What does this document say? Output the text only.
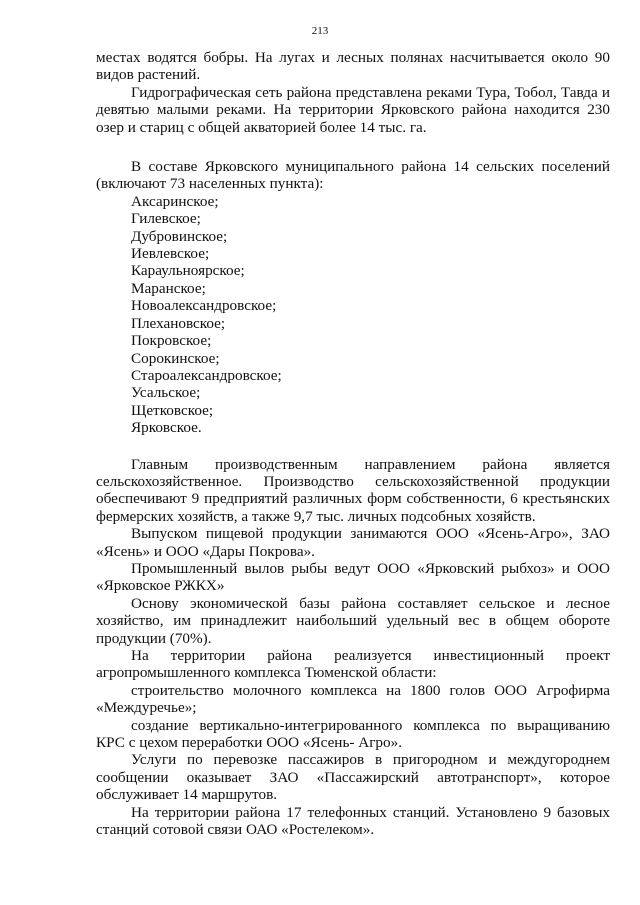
213

местах водятся бобры. На лугах и лесных полянах насчитывается около 90 видов растений.

Гидрографическая сеть района представлена реками Тура, Тобол, Тавда и девятью малыми реками. На территории Ярковского района находится 230 озер и стариц с общей акваторией более 14 тыс. га.

В составе Ярковского муниципального района 14 сельских поселений (включают 73 населенных пункта):

Аксаринское;
Гилевское;
Дубровинское;
Иевлевское;
Караульноярское;
Маранское;
Новоалександровское;
Плехановское;
Покровское;
Сорокинское;
Староалександровское;
Усальское;
Щетковское;
Ярковское.

Главным производственным направлением района является сельскохозяйственное. Производство сельскохозяйственной продукции обеспечивают 9 предприятий различных форм собственности, 6 крестьянских фермерских хозяйств, а также 9,7 тыс. личных подсобных хозяйств.

Выпуском пищевой продукции занимаются ООО «Ясень-Агро», ЗАО «Ясень» и ООО «Дары Покрова».

Промышленный вылов рыбы ведут ООО «Ярковский рыбхоз» и ООО «Ярковское РЖКХ»

Основу экономической базы района составляет сельское и лесное хозяйство, им принадлежит наибольший удельный вес в общем обороте продукции (70%).

На территории района реализуется инвестиционный проект агропромышленного комплекса Тюменской области:

строительство молочного комплекса на 1800 голов ООО Агрофирма «Междуречье»;

создание вертикально-интегрированного комплекса по выращиванию КРС с цехом переработки ООО «Ясень- Агро».

Услуги по перевозке пассажиров в пригородном и междугороднем сообщении оказывает ЗАО «Пассажирский автотранспорт», которое обслуживает 14 маршрутов.

На территории района 17 телефонных станций. Установлено 9 базовых станций сотовой связи ОАО «Ростелеком».
